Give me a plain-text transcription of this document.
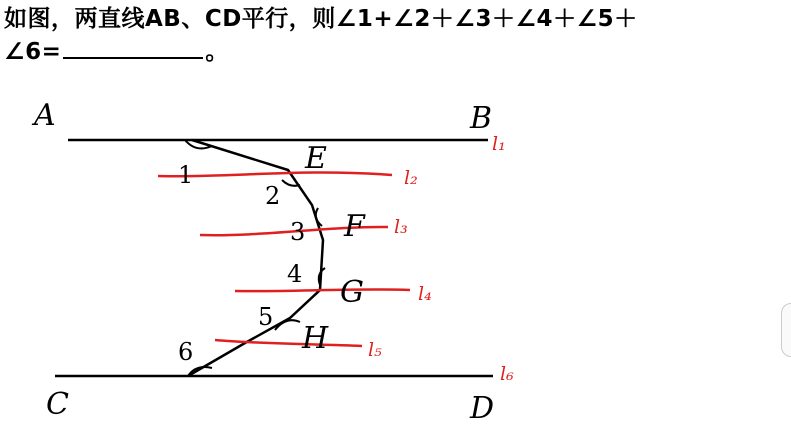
如图，两直线AB、CD平行，则∠1+∠2＋∠3＋∠4＋∠5＋
∠6=	。
A	B
C	D
E
F
G
H
1
2
3
4
5
6
l₁
l₂
l₃
l₄
l₅
l₆
